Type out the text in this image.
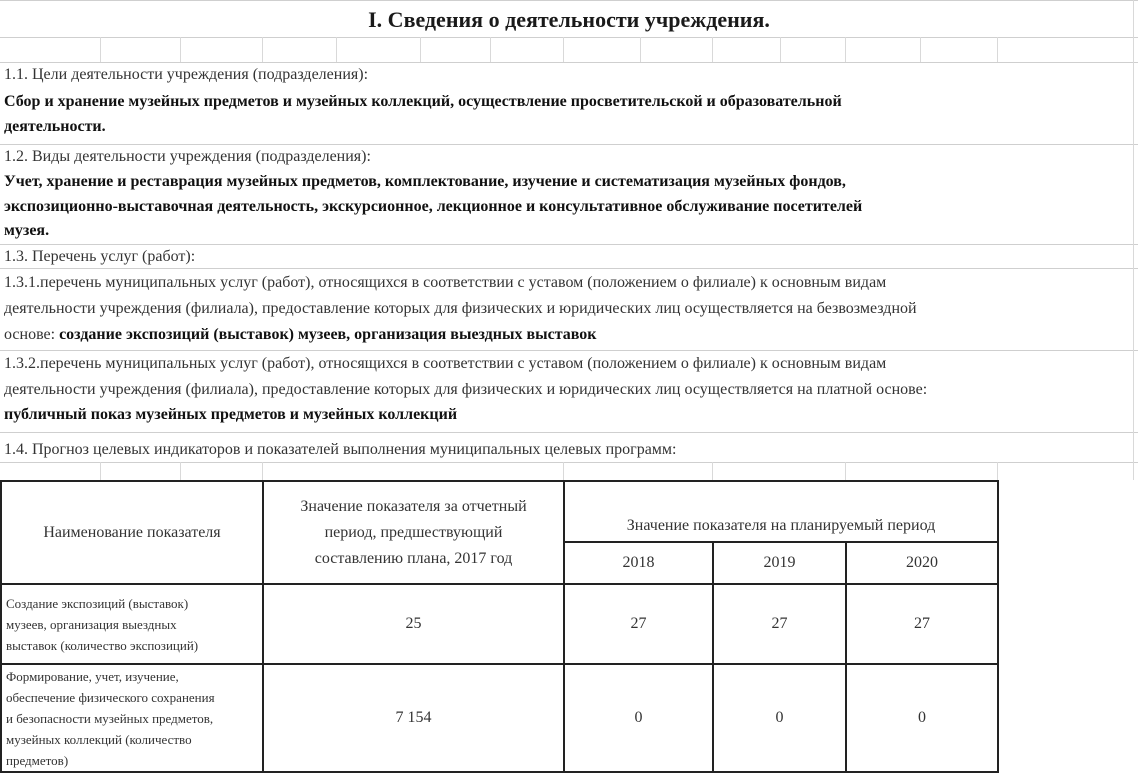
I. Сведения о деятельности учреждения.
1.1. Цели деятельности учреждения (подразделения):
Сбор и хранение музейных предметов и музейных коллекций, осуществление просветительской и образовательной
деятельности.
1.2. Виды деятельности учреждения (подразделения):
Учет, хранение и реставрация музейных предметов, комплектование, изучение и систематизация музейных фондов,
экспозиционно-выставочная деятельность, экскурсионное, лекционное и консультативное обслуживание посетителей
музея.
1.3. Перечень услуг (работ):
1.3.1.перечень муниципальных услуг (работ), относящихся в соответствии с уставом (положением о филиале) к основным видам
деятельности учреждения (филиала), предоставление которых для физических и юридических лиц осуществляется на безвозмездной
основе: создание экспозиций (выставок) музеев, организация выездных выставок
1.3.2.перечень муниципальных услуг (работ), относящихся в соответствии с уставом (положением о филиале) к основным видам
деятельности учреждения (филиала), предоставление которых для физических и юридических лиц осуществляется на платной основе:
публичный показ музейных предметов и музейных коллекций
1.4. Прогноз целевых индикаторов и показателей выполнения муниципальных целевых программ:
Наименование показателя	Значение показателя за отчетный
период, предшествующий
составлению плана, 2017 год	Значение показателя на планируемый период		
		2018	2019	2020

Создание экспозиций (выставок)
музеев, организация выездных
выставок (количество экспозиций)	25	27	27	27

Формирование, учет, изучение,
обеспечение физического сохранения
и безопасности музейных предметов,
музейных коллекций (количество
предметов)	7 154	0	0	0
